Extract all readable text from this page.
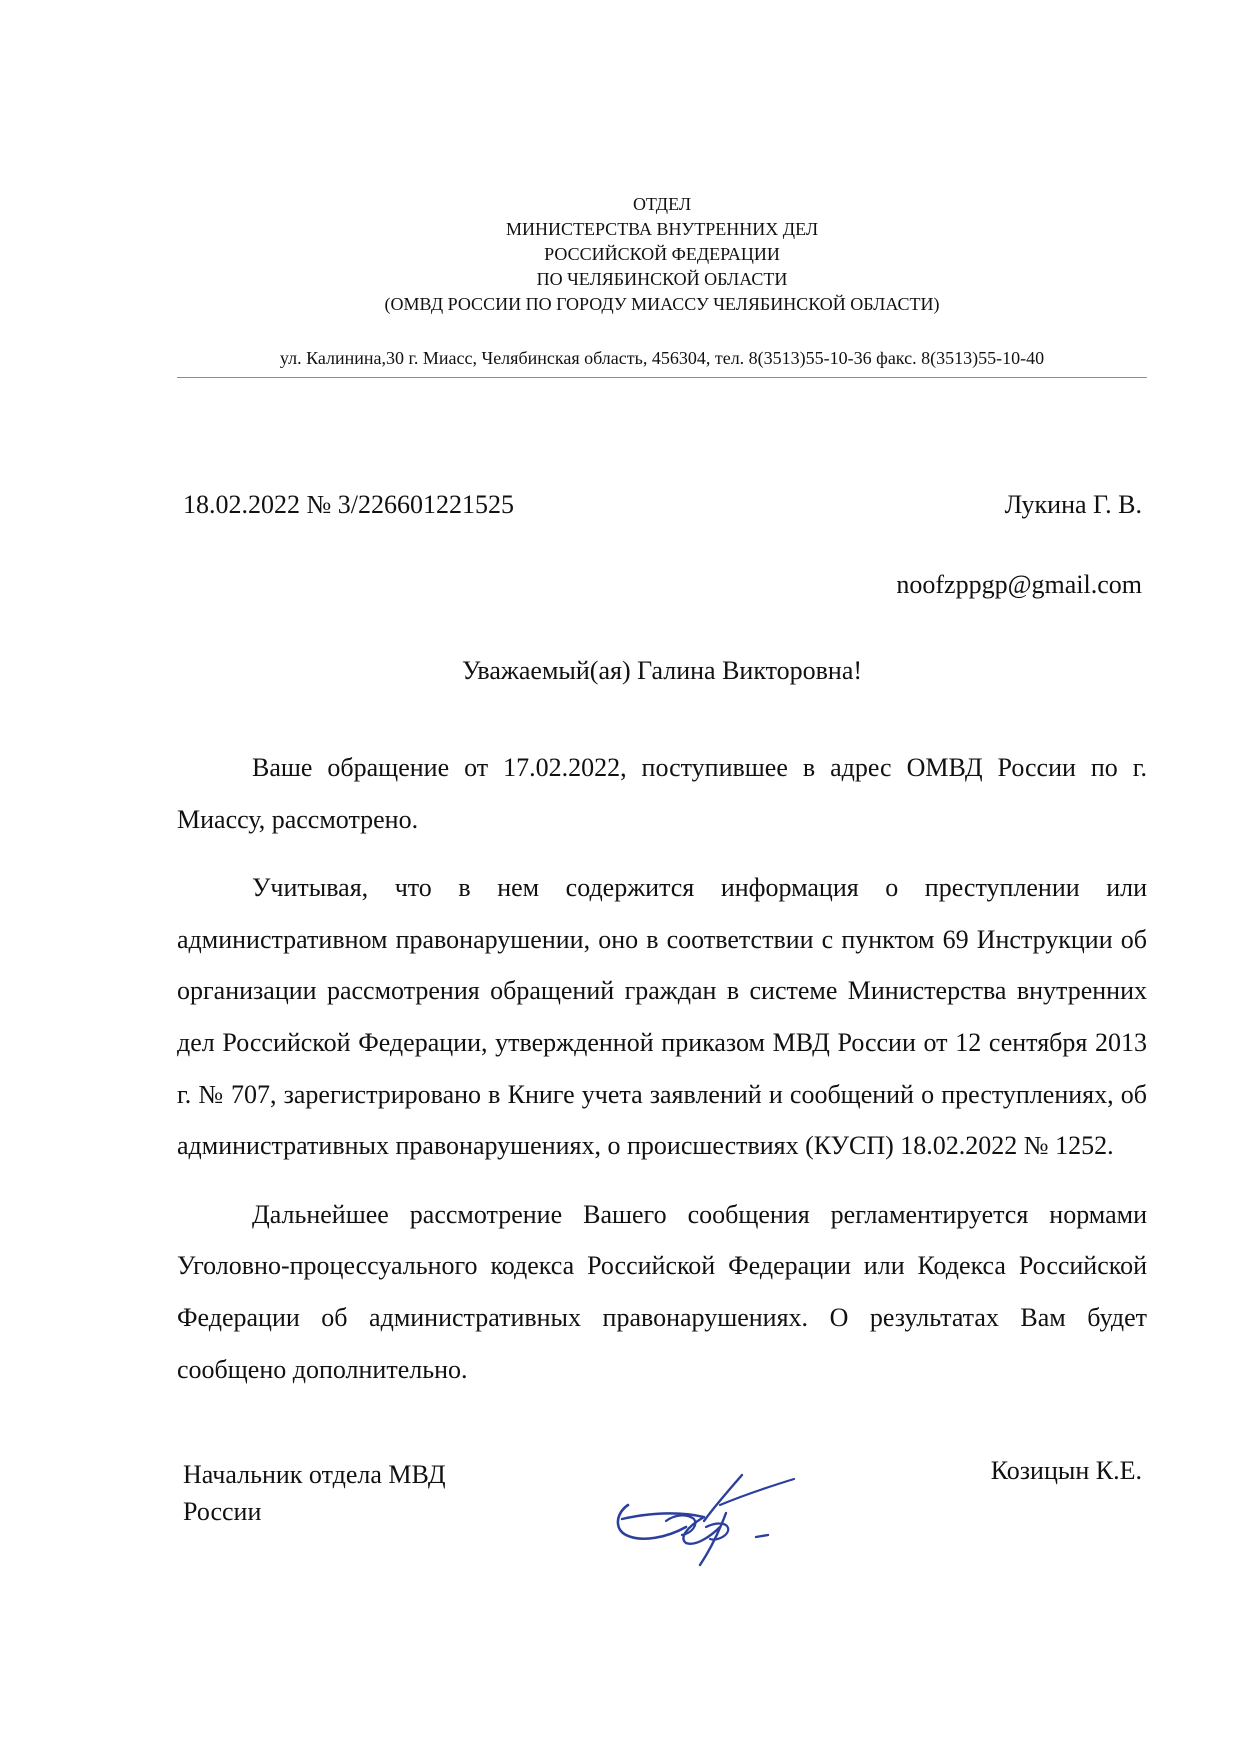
ОТДЕЛ
МИНИСТЕРСТВА ВНУТРЕННИХ ДЕЛ
РОССИЙСКОЙ ФЕДЕРАЦИИ
ПО ЧЕЛЯБИНСКОЙ ОБЛАСТИ
(ОМВД РОССИИ ПО ГОРОДУ МИАССУ ЧЕЛЯБИНСКОЙ ОБЛАСТИ)
ул. Калинина,30 г. Миасс, Челябинская область, 456304, тел. 8(3513)55-10-36 факс. 8(3513)55-10-40
18.02.2022 № 3/226601221525	Лукина Г. В.
noofzppgp@gmail.com
Уважаемый(ая) Галина Викторовна!

Ваше обращение от 17.02.2022, поступившее в адрес ОМВД России по г. Миассу, рассмотрено.

Учитывая, что в нем содержится информация о преступлении или административном правонарушении, оно в соответствии с пунктом 69 Инструкции об организации рассмотрения обращений граждан в системе Министерства внутренних дел Российской Федерации, утвержденной приказом МВД России от 12 сентября 2013 г. № 707, зарегистрировано в Книге учета заявлений и сообщений о преступлениях, об административных правонарушениях, о происшествиях (КУСП) 18.02.2022 № 1252.

Дальнейшее рассмотрение Вашего сообщения регламентируется нормами Уголовно-процессуального кодекса Российской Федерации или Кодекса Российской Федерации об административных правонарушениях. О результатах Вам будет сообщено дополнительно.

Начальник отдела МВД
России
Козицын К.Е.
